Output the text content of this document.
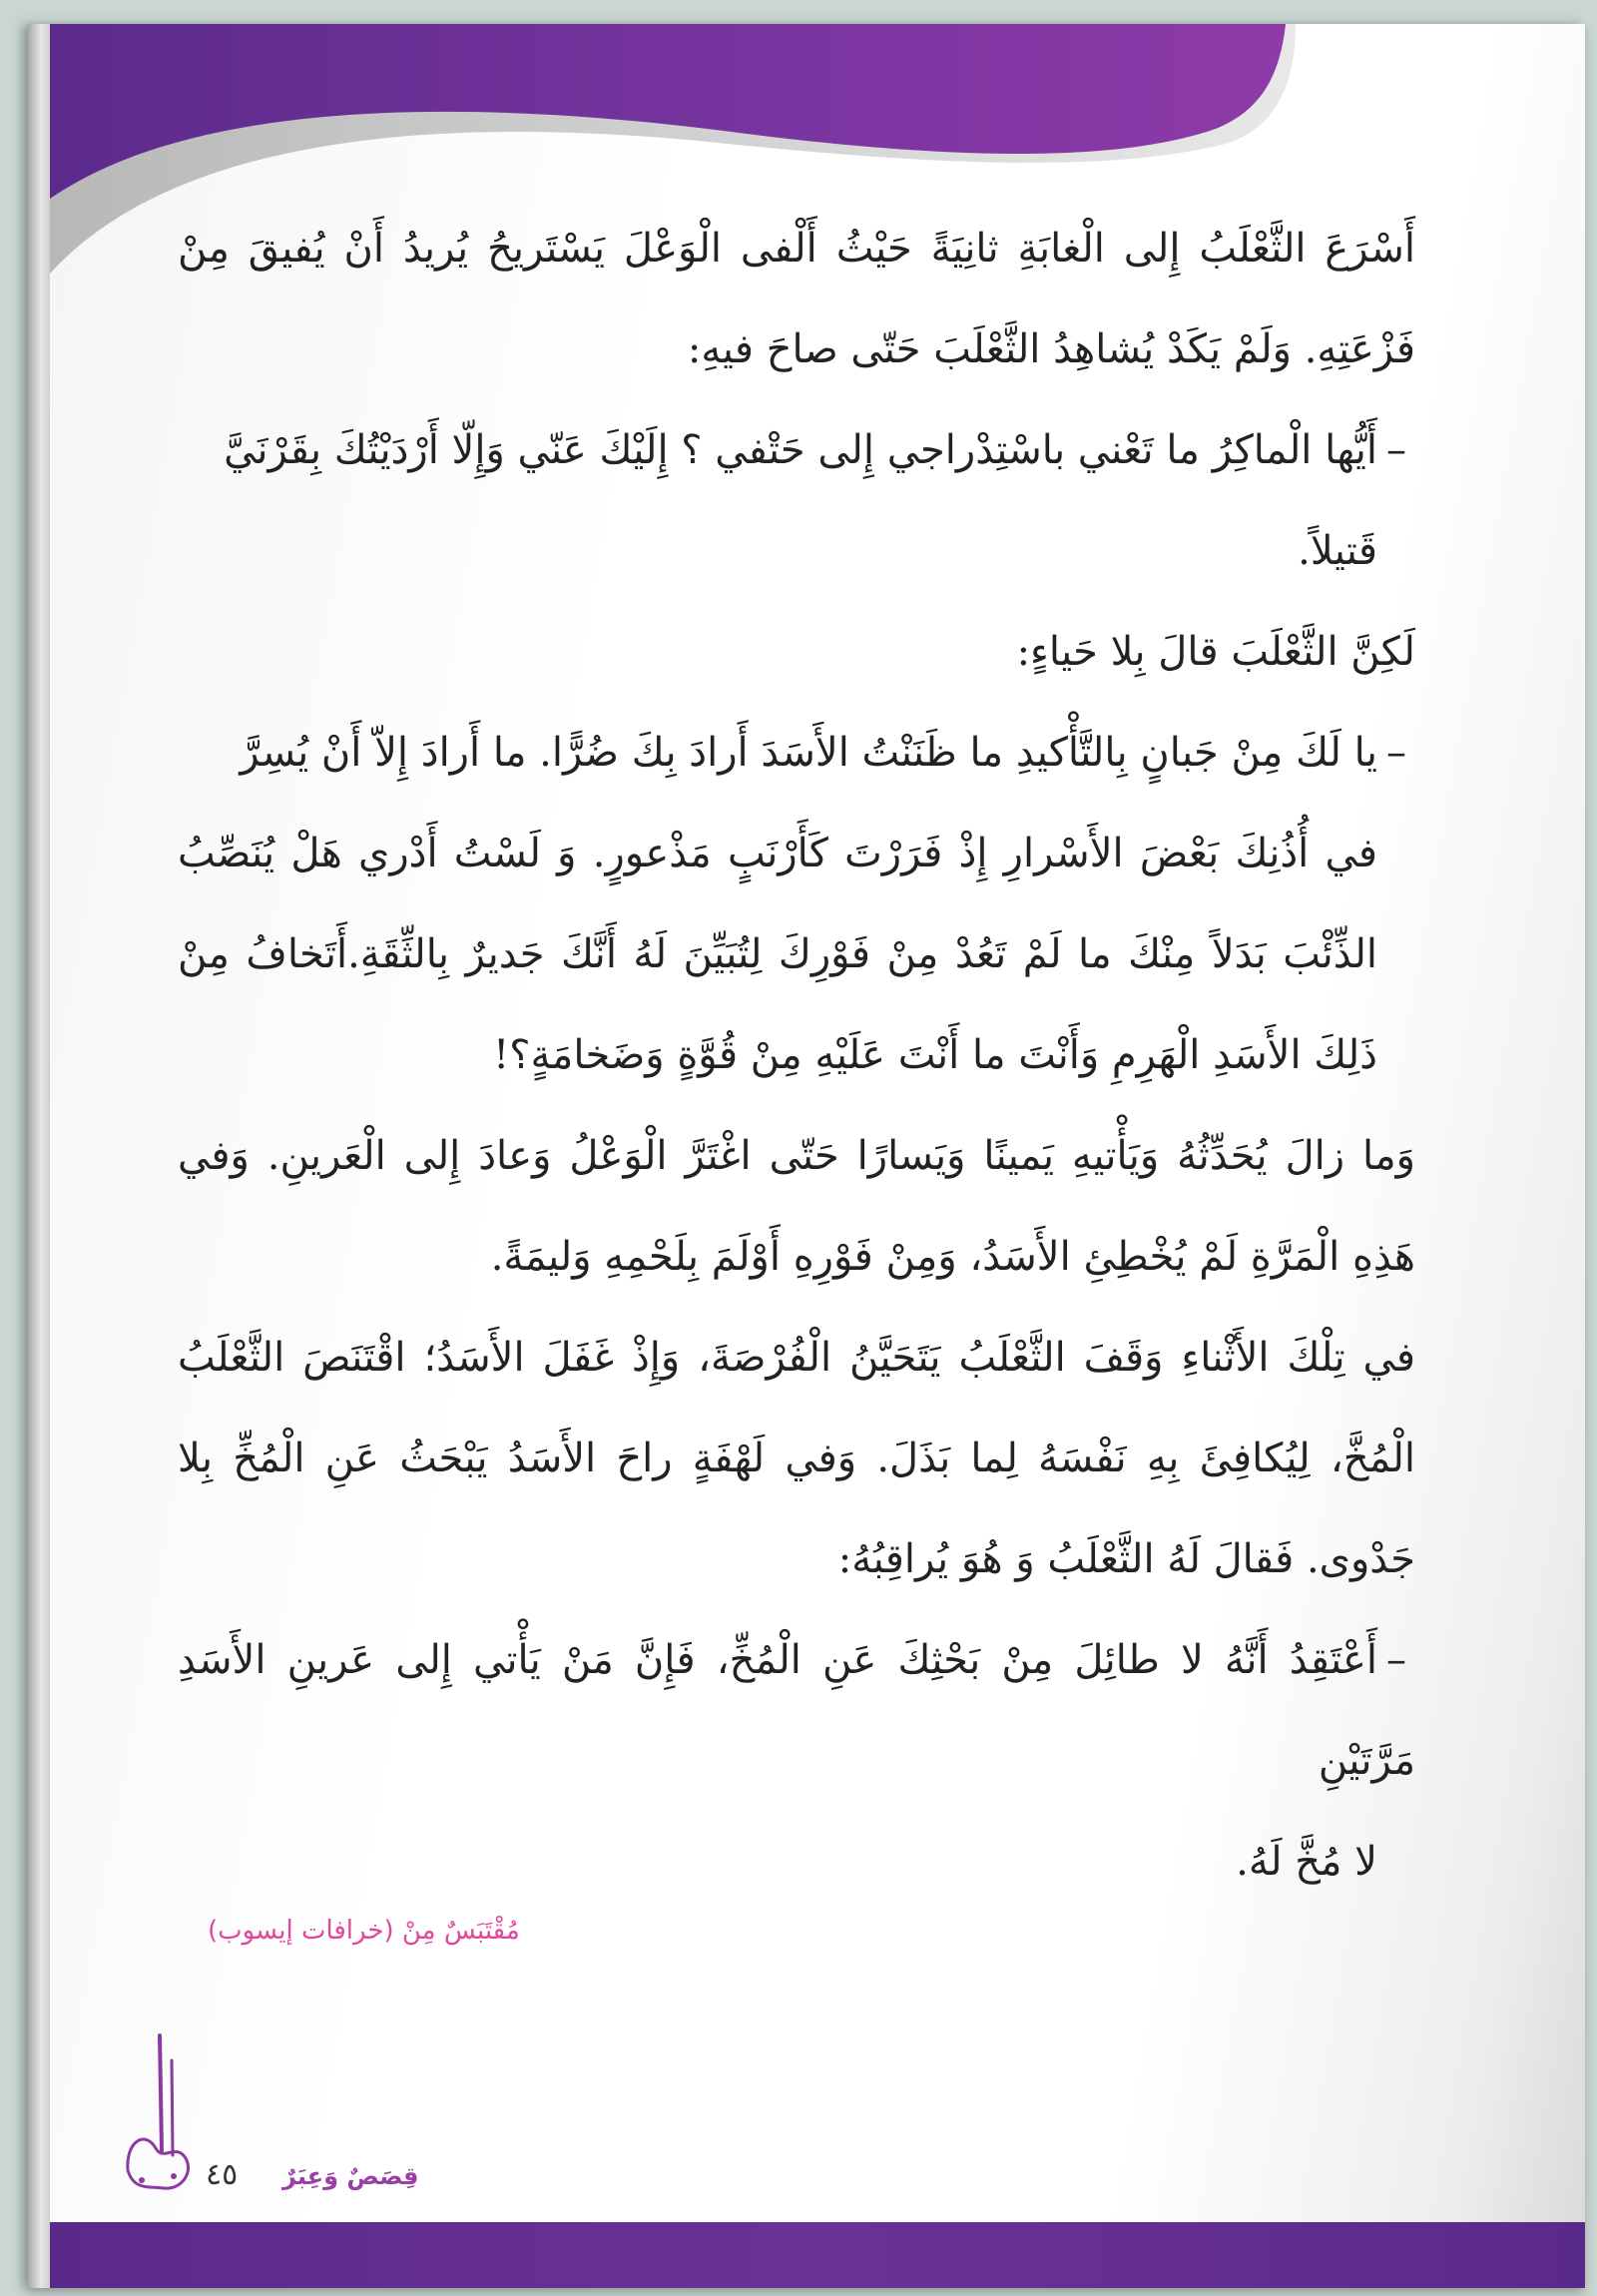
أَسْرَعَ الثَّعْلَبُ إِلى الْغابَةِ ثانِيَةً حَيْثُ أَلْفى الْوَعْلَ يَسْتَريحُ يُريدُ أَنْ يُفيقَ مِنْ فَزْعَتِهِ. وَلَمْ يَكَدْ يُشاهِدُ الثَّعْلَبَ حَتّى صاحَ فيهِ:

–أَيُّها الْماكِرُ ما تَعْني باسْتِدْراجي إِلى حَتْفي ؟ إِلَيْكَ عَنّي وَإِلّا أَرْدَيْتُكَ بِقَرْنَيَّ
قَتيلاً.

لَكِنَّ الثَّعْلَبَ قالَ بِلا حَياءٍ:

–يا لَكَ مِنْ جَبانٍ بِالتَّأْكيدِ ما ظَنَنْتُ الأَسَدَ أَرادَ بِكَ ضُرًّا. ما أَرادَ إِلاّ أَنْ يُسِرَّ
في أُذُنِكَ بَعْضَ الأَسْرارِ إِذْ فَرَرْتَ كَأَرْنَبٍ مَذْعورٍ. وَ لَسْتُ أَدْري هَلْ يُنَصِّبُ الذِّئْبَ بَدَلاً مِنْكَ ما لَمْ تَعُدْ مِنْ فَوْرِكَ لِتُبَيِّنَ لَهُ أَنَّكَ جَديرٌ بِالثِّقَةِ.أَتَخافُ مِنْ ذَلِكَ الأَسَدِ الْهَرِمِ وَأَنْتَ ما أَنْتَ عَلَيْهِ مِنْ قُوَّةٍ وَضَخامَةٍ؟!

وَما زالَ يُحَدِّثُهُ وَيَأْتيهِ يَمينًا وَيَسارًا حَتّى اغْتَرَّ الْوَعْلُ وَعادَ إِلى الْعَرينِ. وَفي هَذِهِ الْمَرَّةِ لَمْ يُخْطِئِ الأَسَدُ، وَمِنْ فَوْرِهِ أَوْلَمَ بِلَحْمِهِ وَليمَةً.

في تِلْكَ الأَثْناءِ وَقَفَ الثَّعْلَبُ يَتَحَيَّنُ الْفُرْصَةَ، وَإِذْ غَفَلَ الأَسَدُ؛ اقْتَنَصَ الثَّعْلَبُ الْمُخَّ، لِيُكافِئَ بِهِ نَفْسَهُ لِما بَذَلَ. وَفي لَهْفَةٍ راحَ الأَسَدُ يَبْحَثُ عَنِ الْمُخِّ بِلا جَدْوى. فَقالَ لَهُ الثَّعْلَبُ وَ هُوَ يُراقِبُهُ:

–أَعْتَقِدُ أَنَّهُ لا طائِلَ مِنْ بَحْثِكَ عَنِ الْمُخِّ، فَإِنَّ مَنْ يَأْتي إِلى عَرينِ الأَسَدِ مَرَّتَيْنِ
لا مُخَّ لَهُ.

مُقْتَبَسٌ مِنْ (خرافات إيسوب)
٤٥ قِصَصٌ وَعِبَرٌ
